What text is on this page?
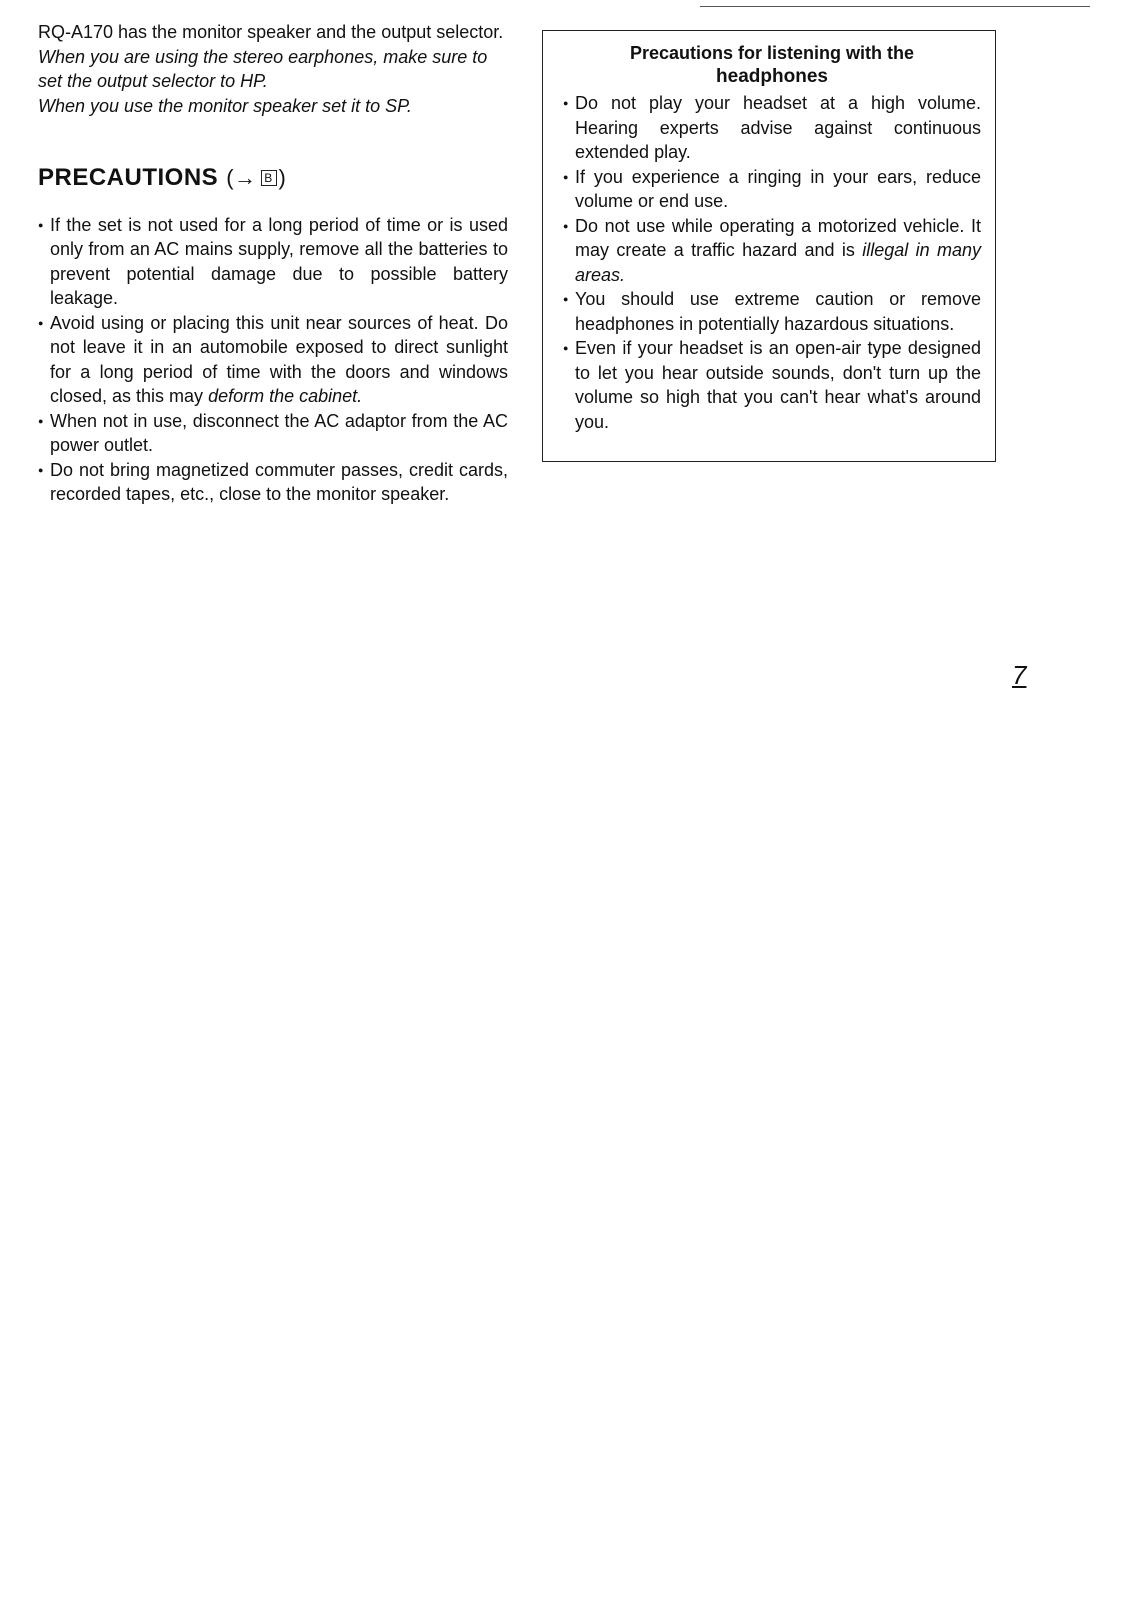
RQ-A170 has the monitor speaker and the output selector.
When you are using the stereo earphones, make sure to set the output selector to HP.
When you use the monitor speaker set it to SP.

PRECAUTIONS ( → B )
● If the set is not used for a long period of time or is used only from an AC mains supply, remove all the batteries to prevent potential damage due to possible battery leakage.
● Avoid using or placing this unit near sources of heat. Do not leave it in an automobile exposed to direct sunlight for a long period of time with the doors and windows closed, as this may deform the cabinet.
● When not in use, disconnect the AC adaptor from the AC power outlet.
● Do not bring magnetized commuter passes, credit cards, recorded tapes, etc., close to the monitor speaker.
Precautions for listening with the
headphones
● Do not play your headset at a high volume. Hearing experts advise against continuous extended play.
● If you experience a ringing in your ears, reduce volume or end use.
● Do not use while operating a motorized vehicle. It may create a traffic hazard and is illegal in many areas.
● You should use extreme caution or remove headphones in potentially hazardous situations.
● Even if your headset is an open-air type designed to let you hear outside sounds, don't turn up the volume so high that you can't hear what's around you.
7
